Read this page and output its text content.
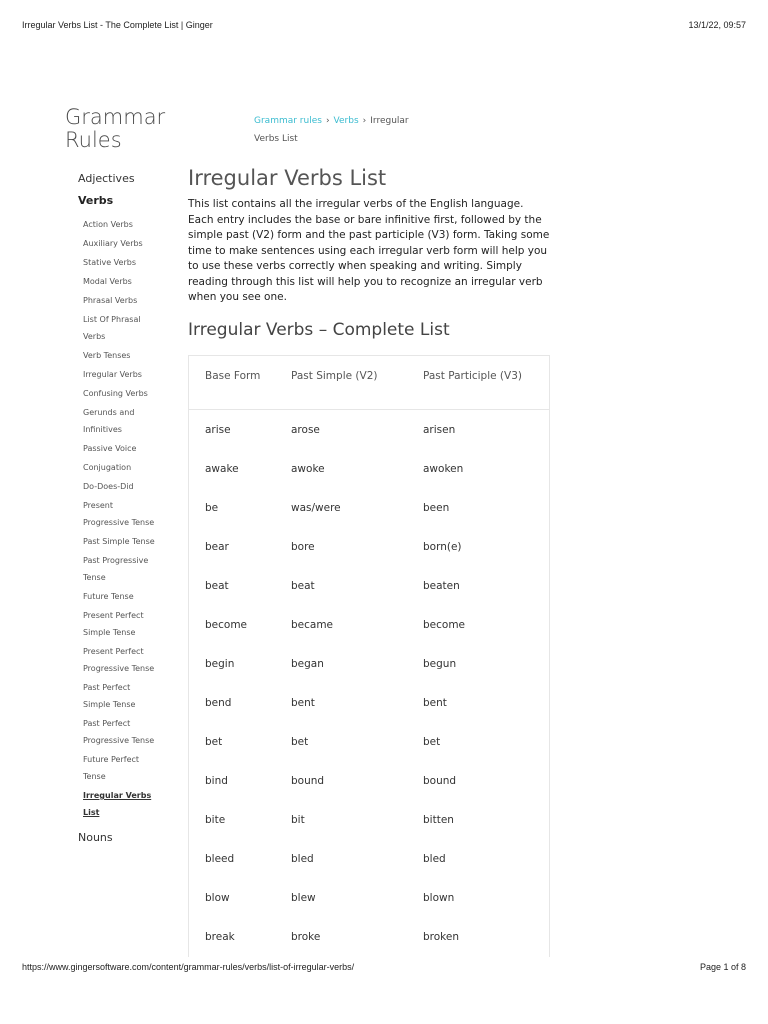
Irregular Verbs List - The Complete List | Ginger	13/1/22, 09:57
Grammar
Rules
Grammar rules › Verbs › Irregular Verbs List
Adjectives
Verbs
Action Verbs
Auxiliary Verbs
Stative Verbs
Modal Verbs
Phrasal Verbs
List Of Phrasal Verbs
Verb Tenses
Irregular Verbs
Confusing Verbs
Gerunds and Infinitives
Passive Voice
Conjugation
Do-Does-Did
Present Progressive Tense
Past Simple Tense
Past Progressive Tense
Future Tense
Present Perfect Simple Tense
Present Perfect Progressive Tense
Past Perfect Simple Tense
Past Perfect Progressive Tense
Future Perfect Tense
Irregular Verbs List
Nouns
Irregular Verbs List

This list contains all the irregular verbs of the English language. Each entry includes the base or bare infinitive first, followed by the simple past (V2) form and the past participle (V3) form. Taking some time to make sentences using each irregular verb form will help you to use these verbs correctly when speaking and writing. Simply reading through this list will help you to recognize an irregular verb when you see one.

Irregular Verbs – Complete List
Base Form	Past Simple (V2)	Past Participle (V3)
arise	arose	arisen
awake	awoke	awoken
be	was/were	been
bear	bore	born(e)
beat	beat	beaten
become	became	become
begin	began	begun
bend	bent	bent
bet	bet	bet
bind	bound	bound
bite	bit	bitten
bleed	bled	bled
blow	blew	blown
break	broke	broken
https://www.gingersoftware.com/content/grammar-rules/verbs/list-of-irregular-verbs/	Page 1 of 8
